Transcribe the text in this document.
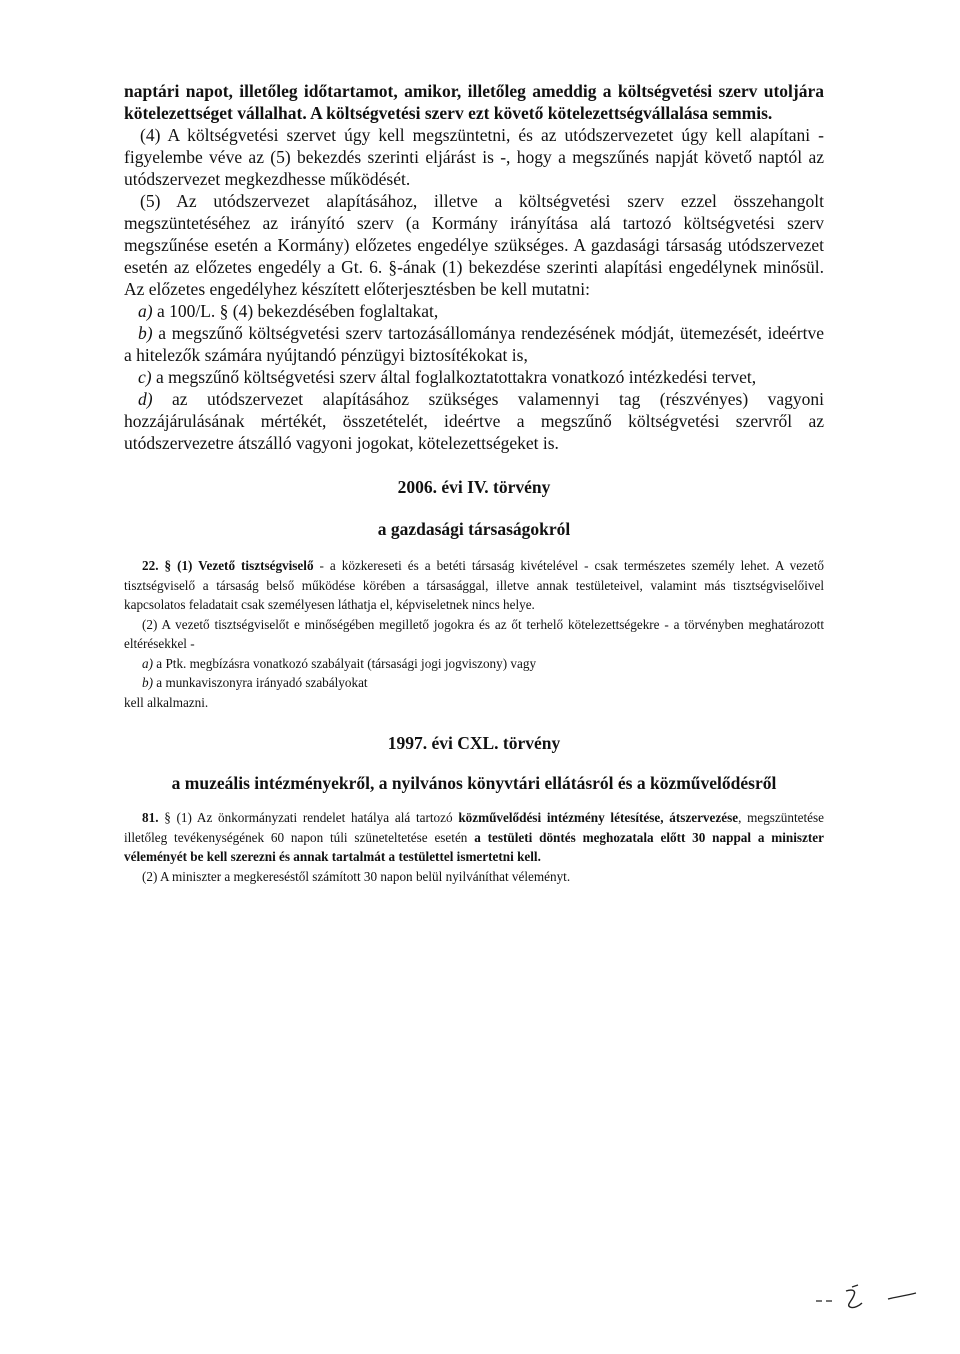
naptári napot, illetőleg időtartamot, amikor, illetőleg ameddig a költségvetési szerv utoljára kötelezettséget vállalhat. A költségvetési szerv ezt követő kötelezettségvállalása semmis.

(4) A költségvetési szervet úgy kell megszüntetni, és az utódszervezetet úgy kell alapítani - figyelembe véve az (5) bekezdés szerinti eljárást is -, hogy a megszűnés napját követő naptól az utódszervezet megkezdhesse működését.

(5) Az utódszervezet alapításához, illetve a költségvetési szerv ezzel összehangolt megszüntetéséhez az irányító szerv (a Kormány irányítása alá tartozó költségvetési szerv megszűnése esetén a Kormány) előzetes engedélye szükséges. A gazdasági társaság utódszervezet esetén az előzetes engedély a Gt. 6. §-ának (1) bekezdése szerinti alapítási engedélynek minősül. Az előzetes engedélyhez készített előterjesztésben be kell mutatni:

a) a 100/L. § (4) bekezdésében foglaltakat,

b) a megszűnő költségvetési szerv tartozásállománya rendezésének módját, ütemezését, ideértve a hitelezők számára nyújtandó pénzügyi biztosítékokat is,

c) a megszűnő költségvetési szerv által foglalkoztatottakra vonatkozó intézkedési tervet,

d) az utódszervezet alapításához szükséges valamennyi tag (részvényes) vagyoni hozzájárulásának mértékét, összetételét, ideértve a megszűnő költségvetési szervről az utódszervezetre átszálló vagyoni jogokat, kötelezettségeket is.

2006. évi IV. törvény

a gazdasági társaságokról

22. § (1) Vezető tisztségviselő - a közkereseti és a betéti társaság kivételével - csak természetes személy lehet. A vezető tisztségviselő a társaság belső működése körében a társasággal, illetve annak testületeivel, valamint más tisztségviselőivel kapcsolatos feladatait csak személyesen láthatja el, képviseletnek nincs helye.

(2) A vezető tisztségviselőt e minőségében megillető jogokra és az őt terhelő kötelezettségekre - a törvényben meghatározott eltérésekkel -

a) a Ptk. megbízásra vonatkozó szabályait (társasági jogi jogviszony) vagy

b) a munkaviszonyra irányadó szabályokat

kell alkalmazni.

1997. évi CXL. törvény

a muzeális intézményekről, a nyilvános könyvtári ellátásról és a közművelődésről

81. § (1) Az önkormányzati rendelet hatálya alá tartozó közművelődési intézmény létesítése, átszervezése, megszüntetése illetőleg tevékenységének 60 napon túli szüneteltetése esetén a testületi döntés meghozatala előtt 30 nappal a miniszter véleményét be kell szerezni és annak tartalmát a testülettel ismertetni kell.

(2) A miniszter a megkereséstől számított 30 napon belül nyilváníthat véleményt.
